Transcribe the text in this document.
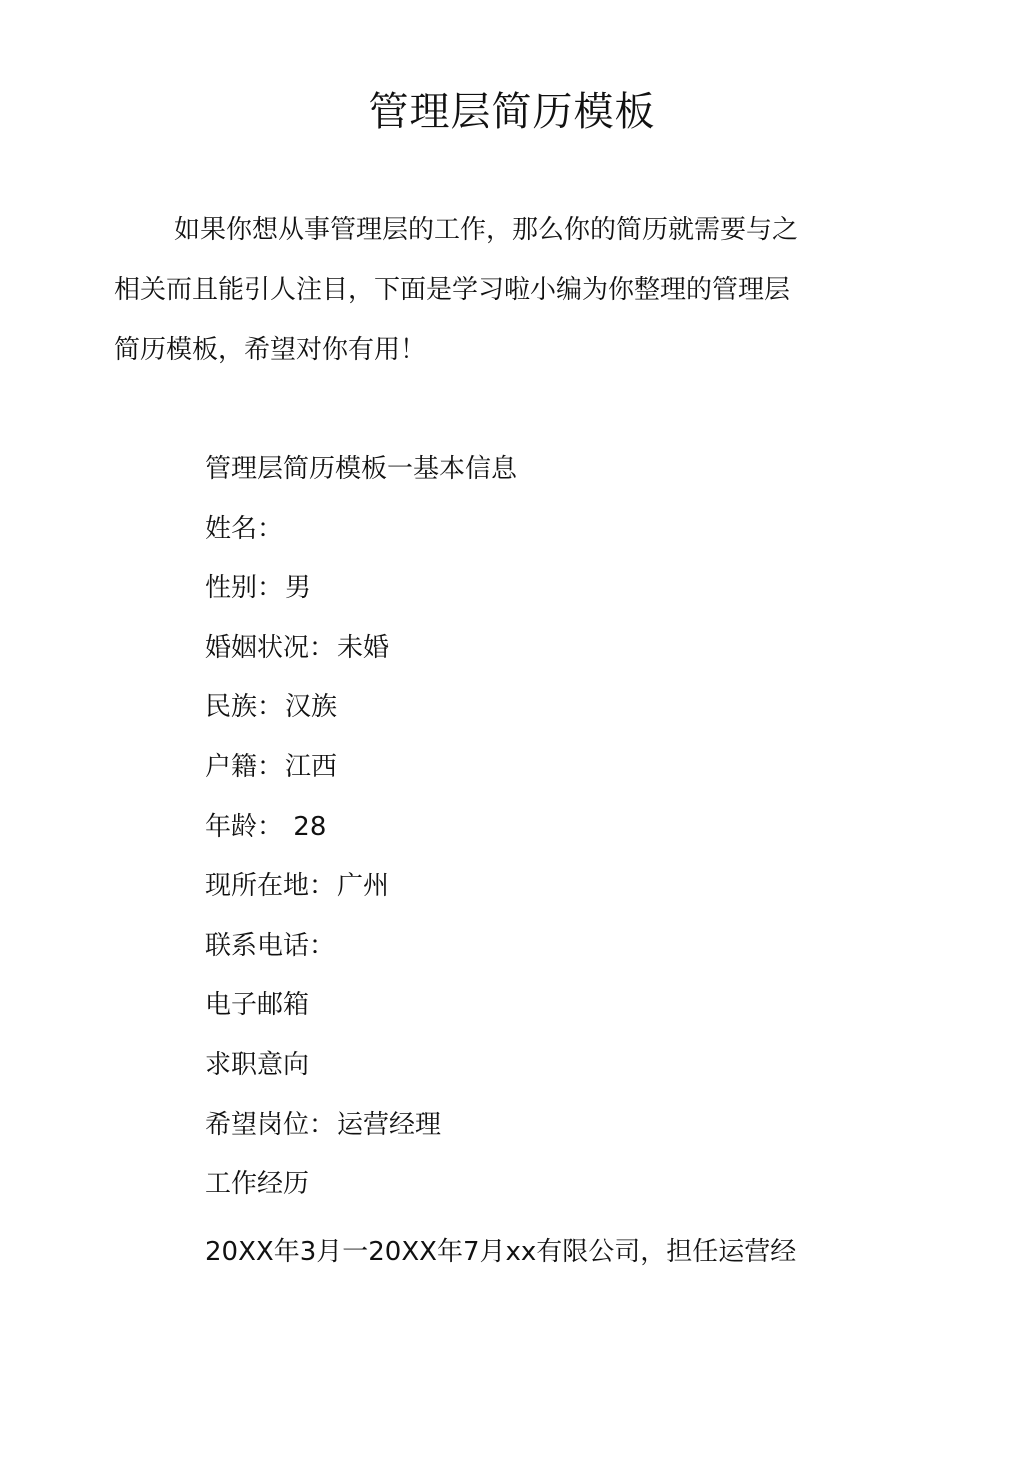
管理层简历模板

如果你想从事管理层的工作，那么你的简历就需要与之
相关而且能引人注目，下面是学习啦小编为你整理的管理层
简历模板，希望对你有用！

管理层简历模板一基本信息
姓名：
性别：男
婚姻状况：未婚
民族：汉族
户籍：江西
年龄： 28
现所在地：广州
联系电话：
电子邮箱
求职意向
希望岗位：运营经理
工作经历

20XX年3月一20XX年7月xx有限公司，担任运营经
